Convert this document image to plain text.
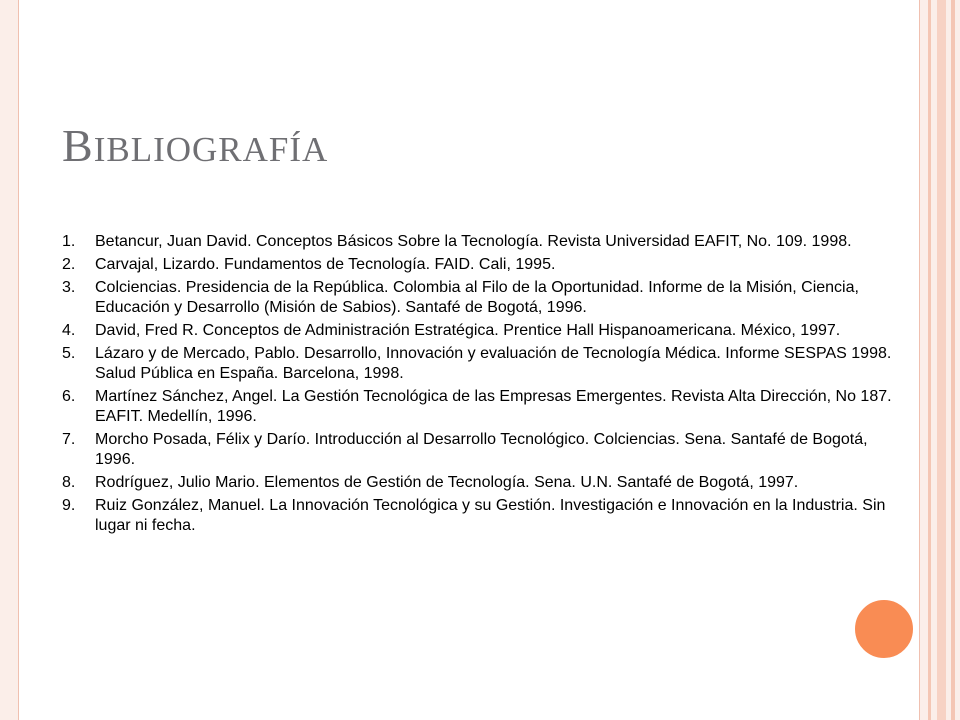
BIBLIOGRAFÍA
1.	Betancur, Juan David. Conceptos Básicos Sobre la Tecnología. Revista Universidad EAFIT, No. 109. 1998.
2.	Carvajal, Lizardo. Fundamentos de Tecnología. FAID. Cali, 1995.
3.	Colciencias. Presidencia de la República. Colombia al Filo de la Oportunidad. Informe de la Misión, Ciencia, Educación y Desarrollo (Misión de Sabios). Santafé de Bogotá, 1996.
4.	David, Fred R. Conceptos de Administración Estratégica. Prentice Hall Hispanoamericana. México, 1997.
5.	Lázaro y de Mercado, Pablo. Desarrollo, Innovación y evaluación de Tecnología Médica. Informe SESPAS 1998. Salud Pública en España. Barcelona, 1998.
6.	Martínez Sánchez, Angel. La Gestión Tecnológica de las Empresas Emergentes. Revista Alta Dirección, No 187. EAFIT. Medellín, 1996.
7.	Morcho Posada, Félix y Darío. Introducción al Desarrollo Tecnológico. Colciencias. Sena. Santafé de Bogotá, 1996.
8.	Rodríguez, Julio Mario. Elementos de Gestión de Tecnología. Sena. U.N. Santafé de Bogotá, 1997.
9.	Ruiz González, Manuel. La Innovación Tecnológica y su Gestión. Investigación e Innovación en la Industria. Sin lugar ni fecha.
